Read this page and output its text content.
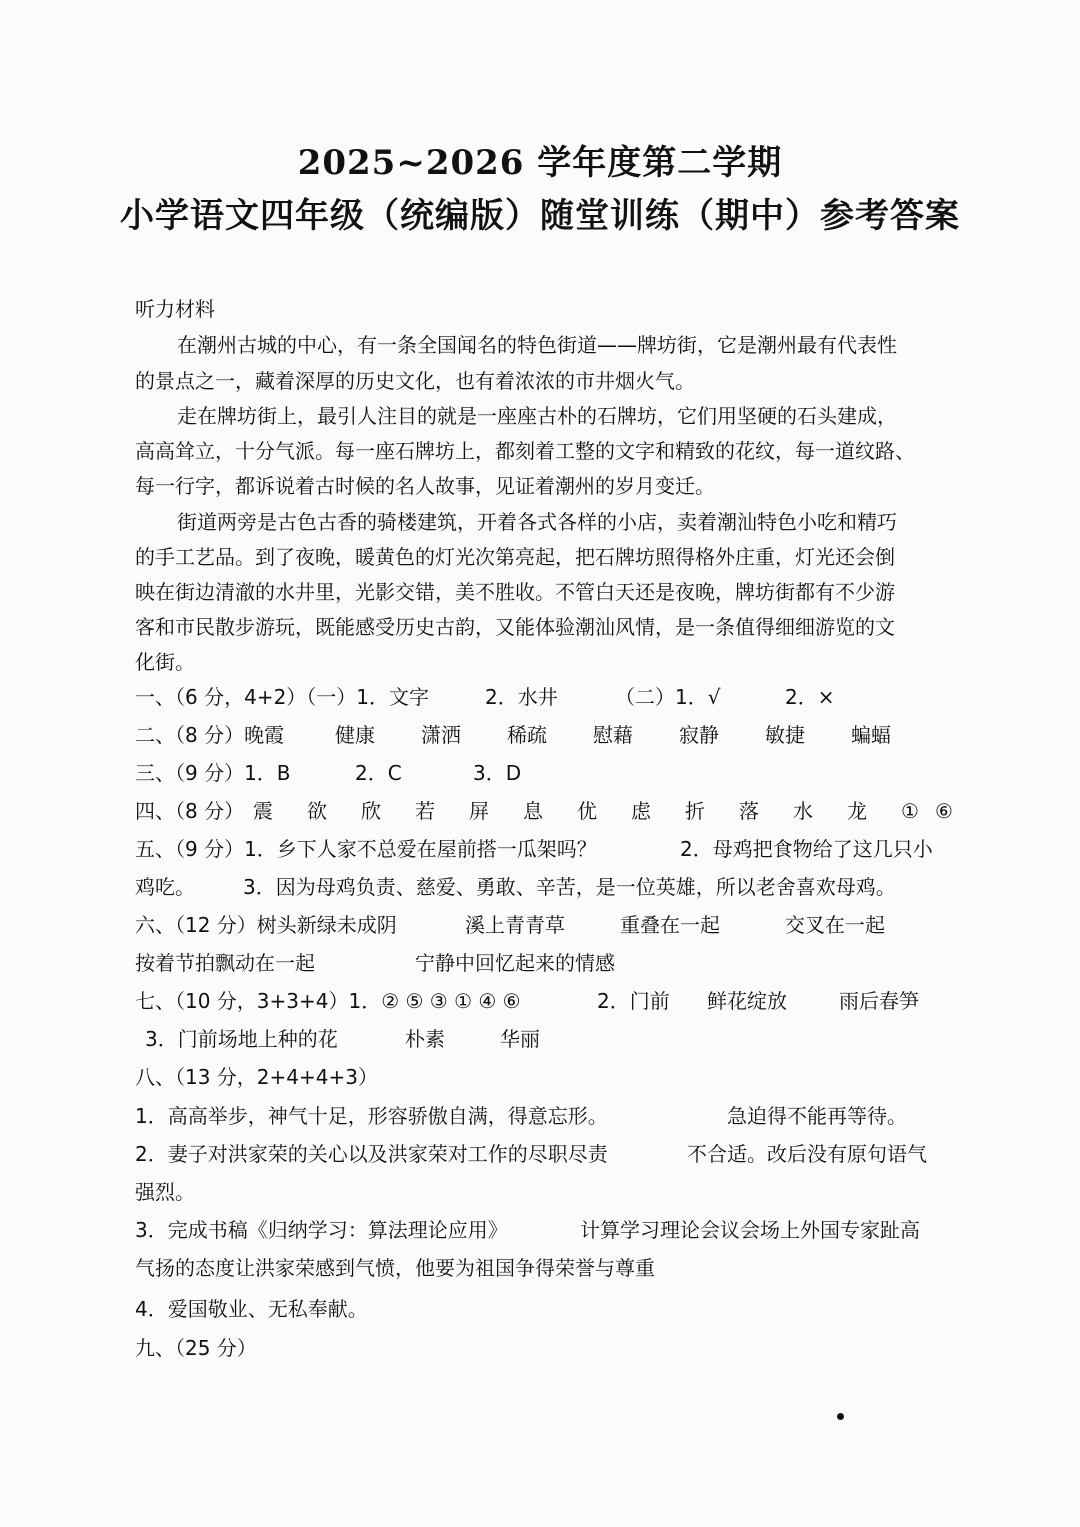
2025~2026 学年度第二学期
小学语文四年级（统编版）随堂训练（期中）参考答案
听力材料
在潮州古城的中心，有一条全国闻名的特色街道——牌坊街，它是潮州最有代表性
的景点之一，藏着深厚的历史文化，也有着浓浓的市井烟火气。
走在牌坊街上，最引人注目的就是一座座古朴的石牌坊，它们用坚硬的石头建成，
高高耸立，十分气派。每一座石牌坊上，都刻着工整的文字和精致的花纹，每一道纹路、
每一行字，都诉说着古时候的名人故事，见证着潮州的岁月变迁。
街道两旁是古色古香的骑楼建筑，开着各式各样的小店，卖着潮汕特色小吃和精巧
的手工艺品。到了夜晚，暖黄色的灯光次第亮起，把石牌坊照得格外庄重，灯光还会倒
映在街边清澈的水井里，光影交错，美不胜收。不管白天还是夜晚，牌坊街都有不少游
客和市民散步游玩，既能感受历史古韵，又能体验潮汕风情，是一条值得细细游览的文
化街。
一、（6 分，4+2）（一）1．文字	2．水井	（二）1．√	2．×
二、（8 分）晚霞	健康 潇洒 稀疏 慰藉 寂静 敏捷 蝙蝠
三、（9 分）1．B	2．C	3．D
四、（8 分） 震 欲 欣 若 屏 息 优 虑 折 落 水 龙 ① ⑥
五、（9 分）1．乡下人家不总爱在屋前搭一瓜架吗？	2．母鸡把食物给了这几只小
鸡吃。 3．因为母鸡负责、慈爱、勇敢、辛苦，是一位英雄，所以老舍喜欢母鸡。
六、（12 分）树头新绿未成阴	溪上青青草	重叠在一起	交叉在一起
按着节拍飘动在一起	宁静中回忆起来的情感
七、（10 分，3+3+4）1．② ⑤ ③ ① ④ ⑥	2．门前 鲜花绽放	雨后春笋
3．门前场地上种的花	朴素	华丽
八、（13 分，2+4+4+3）
1．高高举步，神气十足，形容骄傲自满，得意忘形。	急迫得不能再等待。
2．妻子对洪家荣的关心以及洪家荣对工作的尽职尽责	不合适。改后没有原句语气
强烈。
3．完成书稿《归纳学习：算法理论应用》	计算学习理论会议会场上外国专家趾高
气扬的态度让洪家荣感到气愤，他要为祖国争得荣誉与尊重
4．爱国敬业、无私奉献。
九、（25 分）
